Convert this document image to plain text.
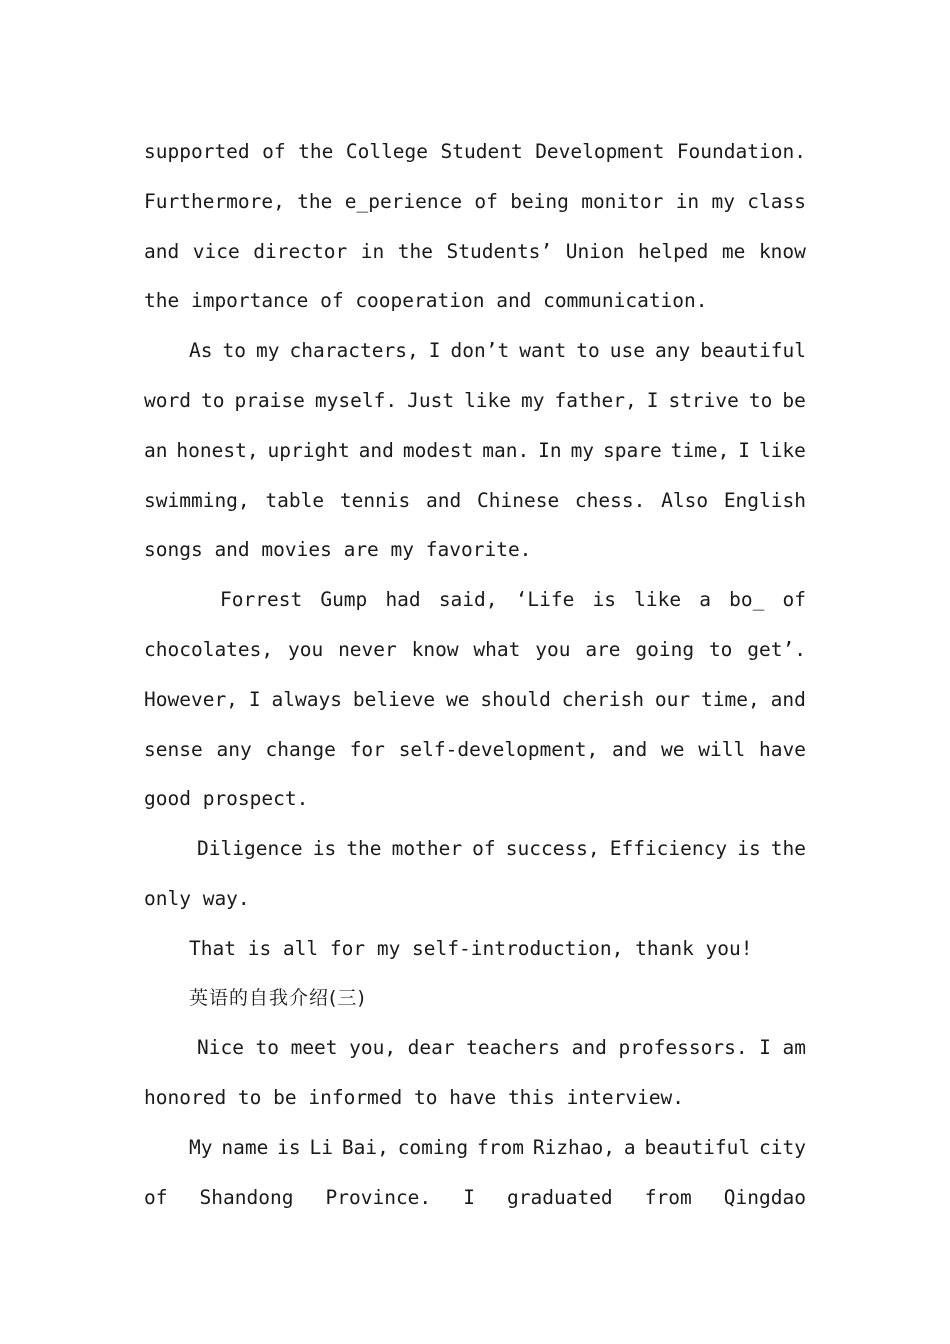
supported of the College Student Development Foundation.
Furthermore, the e_perience of being monitor in my class
and vice director in the Students’ Union helped me know
the importance of cooperation and communication.
As to my characters, I don’t want to use any beautiful
word to praise myself. Just like my father, I strive to be
an honest, upright and modest man. In my spare time, I like
swimming, table tennis and Chinese chess. Also English
songs and movies are my favorite.
Forrest Gump had said, ‘Life is like a bo_ of
chocolates, you never know what you are going to get’.
However, I always believe we should cherish our time, and
sense any change for self-development, and we will have
good prospect.
Diligence is the mother of success, Efficiency is the
only way.
That is all for my self-introduction, thank you!
英语的自我介绍(三)
Nice to meet you, dear teachers and professors. I am
honored to be informed to have this interview.
My name is Li Bai, coming from Rizhao, a beautiful city
of Shandong Province. I graduated from Qingdao
